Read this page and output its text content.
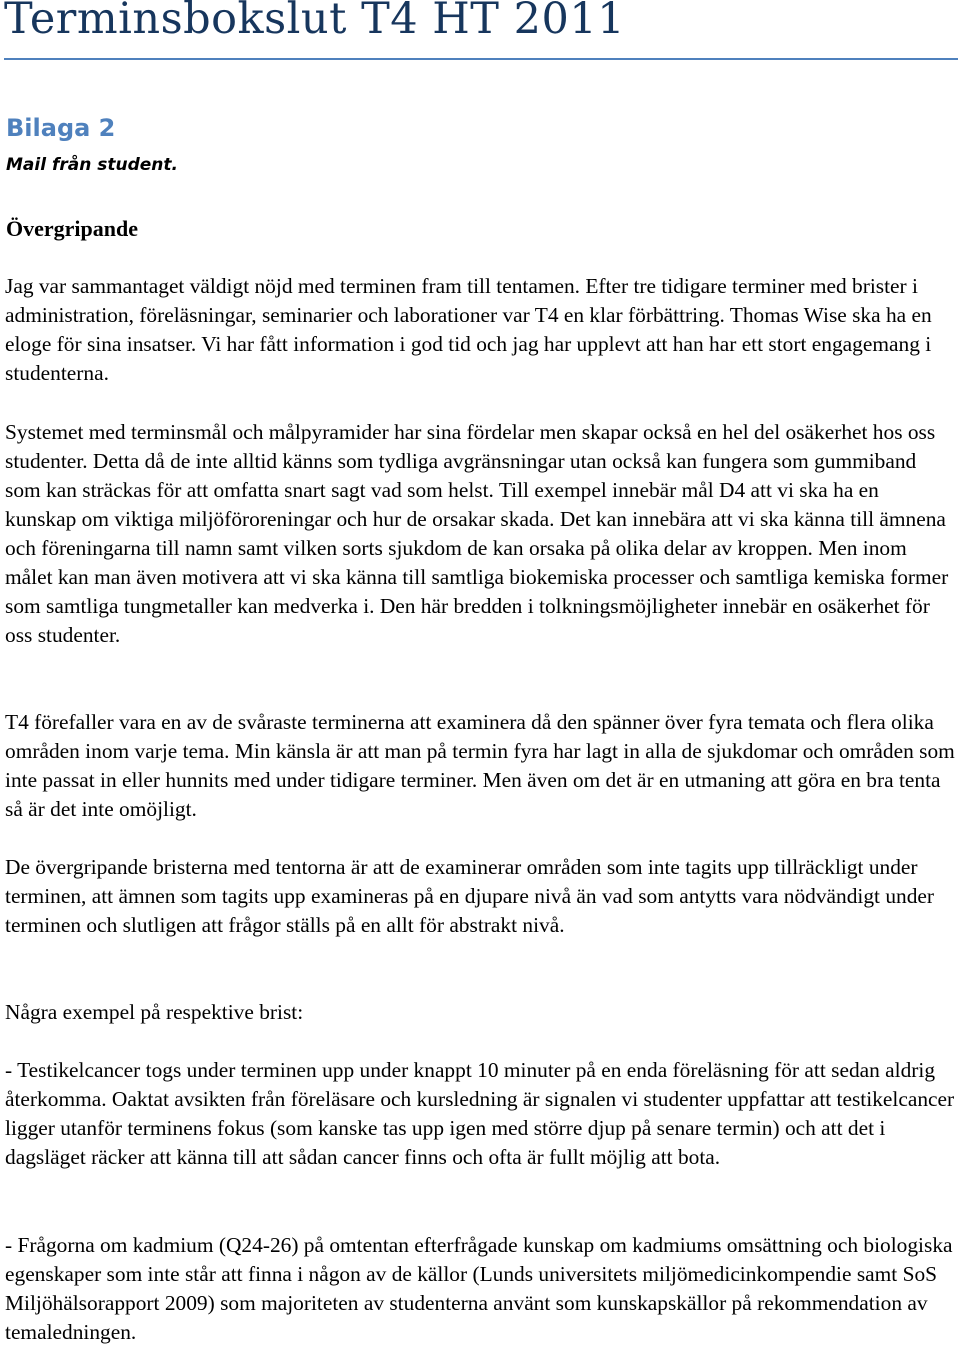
Terminsbokslut T4 HT 2011
Bilaga 2
Mail från student.
Övergripande

Jag var sammantaget väldigt nöjd med terminen fram till tentamen. Efter tre tidigare terminer med brister i administration, föreläsningar, seminarier och laborationer var T4 en klar förbättring. Thomas Wise ska ha en eloge för sina insatser. Vi har fått information i god tid och jag har upplevt att han har ett stort engagemang i studenterna.

Systemet med terminsmål och målpyramider har sina fördelar men skapar också en hel del osäkerhet hos oss studenter. Detta då de inte alltid känns som tydliga avgränsningar utan också kan fungera som gummiband som kan sträckas för att omfatta snart sagt vad som helst. Till exempel innebär mål D4 att vi ska ha en kunskap om viktiga miljöföroreningar och hur de orsakar skada. Det kan innebära att vi ska känna till ämnena och föreningarna till namn samt vilken sorts sjukdom de kan orsaka på olika delar av kroppen. Men inom målet kan man även motivera att vi ska känna till samtliga biokemiska processer och samtliga kemiska former som samtliga tungmetaller kan medverka i. Den här bredden i tolkningsmöjligheter innebär en osäkerhet för oss studenter.

T4 förefaller vara en av de svåraste terminerna att examinera då den spänner över fyra temata och flera olika områden inom varje tema. Min känsla är att man på termin fyra har lagt in alla de sjukdomar och områden som inte passat in eller hunnits med under tidigare terminer. Men även om det är en utmaning att göra en bra tenta så är det inte omöjligt.

De övergripande bristerna med tentorna är att de examinerar områden som inte tagits upp tillräckligt under terminen, att ämnen som tagits upp examineras på en djupare nivå än vad som antytts vara nödvändigt under terminen och slutligen att frågor ställs på en allt för abstrakt nivå.

Några exempel på respektive brist:

- Testikelcancer togs under terminen upp under knappt 10 minuter på en enda föreläsning för att sedan aldrig återkomma. Oaktat avsikten från föreläsare och kursledning är signalen vi studenter uppfattar att testikelcancer ligger utanför terminens fokus (som kanske tas upp igen med större djup på senare termin) och att det i dagsläget räcker att känna till att sådan cancer finns och ofta är fullt möjlig att bota.

- Frågorna om kadmium (Q24-26) på omtentan efterfrågade kunskap om kadmiums omsättning och biologiska egenskaper som inte står att finna i någon av de källor (Lunds universitets miljömedicinkompendie samt SoS Miljöhälsorapport 2009) som majoriteten av studenterna använt som kunskapskällor på rekommendation av temaledningen.
